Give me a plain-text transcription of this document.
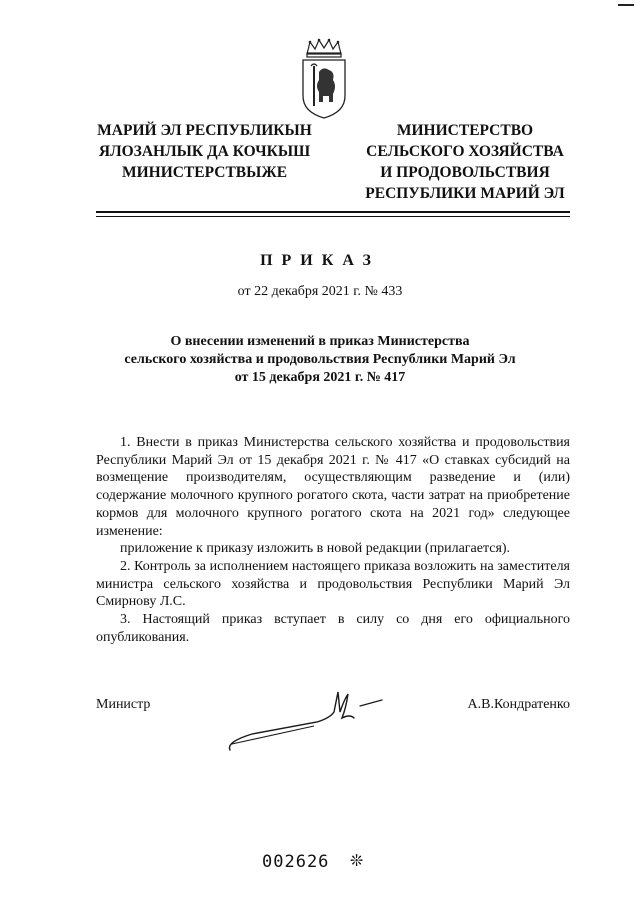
МАРИЙ ЭЛ РЕСПУБЛИКЫН
ЯЛОЗАНЛЫК ДА КОЧКЫШ
МИНИСТЕРСТВЫЖЕ
МИНИСТЕРСТВО
СЕЛЬСКОГО ХОЗЯЙСТВА
И ПРОДОВОЛЬСТВИЯ
РЕСПУБЛИКИ МАРИЙ ЭЛ
ПРИКАЗ
от 22 декабря 2021 г. № 433
О внесении изменений в приказ Министерства
сельского хозяйства и продовольствия Республики Марий Эл
от 15 декабря 2021 г. № 417

1. Внести в приказ Министерства сельского хозяйства и продовольствия Республики Марий Эл от 15 декабря 2021 г. № 417 «О ставках субсидий на возмещение производителям, осуществляющим разведение и (или) содержание молочного крупного рогатого скота, части затрат на приобретение кормов для молочного крупного рогатого скота на 2021 год» следующее изменение:

приложение к приказу изложить в новой редакции (прилагается).

2. Контроль за исполнением настоящего приказа возложить на заместителя министра сельского хозяйства и продовольствия Республики Марий Эл Смирнову Л.С.

3. Настоящий приказ вступает в силу со дня его официального опубликования.

Министр	А.В.Кондратенко
002626 ❊
